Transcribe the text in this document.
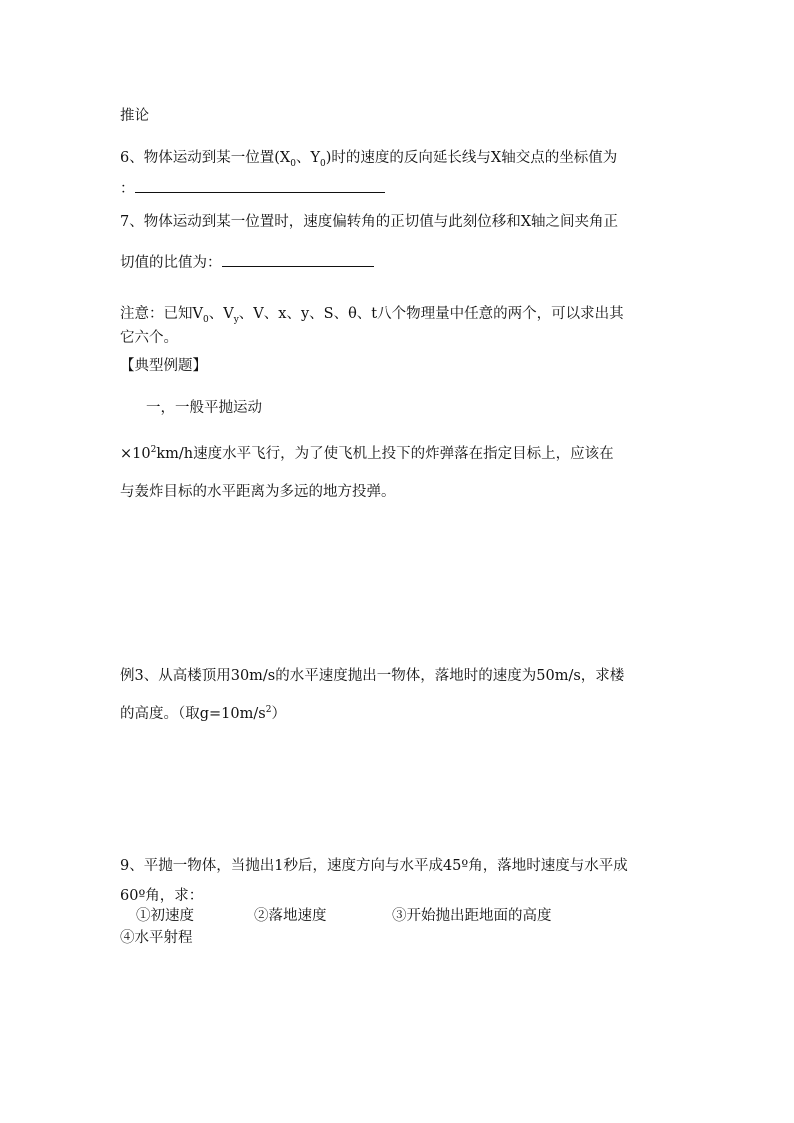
推论
6、物体运动到某一位置($X_0$、$Y_0$)时的速度的反向延长线与X轴交点的坐标值为
：
7、物体运动到某一位置时，速度偏转角的正切值与此刻位移和X轴之间夹角正
切值的比值为：
注意：已知$V_0$、$V_y$、V、x、y、S、θ、t八个物理量中任意的两个，可以求出其
它六个。
【典型例题】
一，一般平抛运动
$\times 10^2km/h$速度水平飞行，为了使飞机上投下的炸弹落在指定目标上，应该在
与轰炸目标的水平距离为多远的地方投弹。
例3、从高楼顶用30m/s的水平速度抛出一物体，落地时的速度为50m/s，求楼
的高度。（取$g=10m/s^2$）
9、平抛一物体，当抛出1秒后，速度方向与水平成45º角，落地时速度与水平成
60º角，求：
①初速度	②落地速度	③开始抛出距地面的高度
④水平射程
